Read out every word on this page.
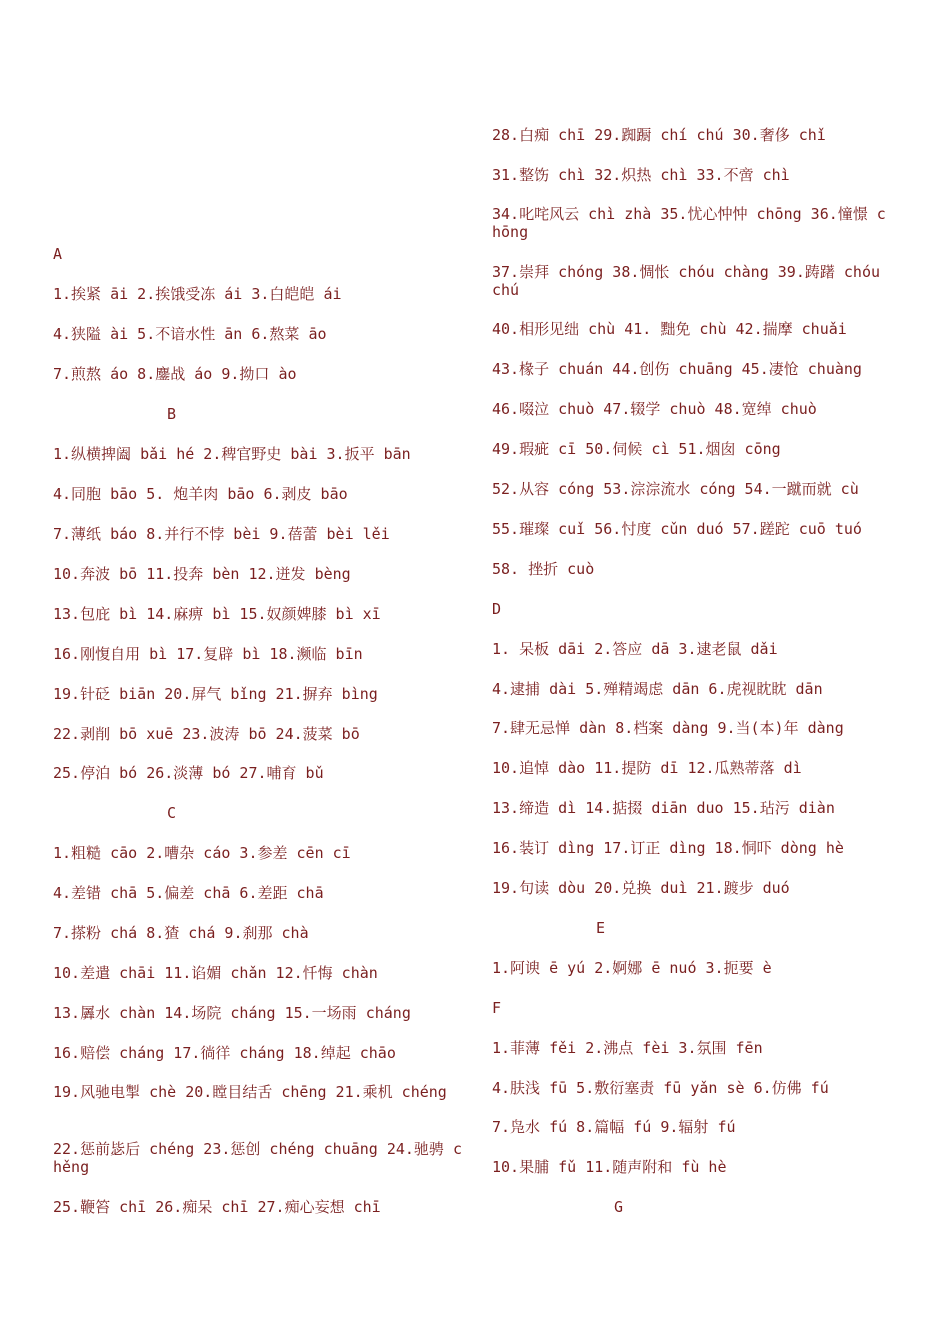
A
1.挨紧 āi 2.挨饿受冻 ái 3.白皑皑 ái
4.狭隘 ài 5.不谙水性 ān 6.熬菜 āo
7.煎熬 áo 8.鏖战 áo 9.拗口 ào
B
1.纵横捭阖 bǎi hé 2.稗官野史 bài 3.扳平 bān
4.同胞 bāo 5. 炮羊肉 bāo 6.剥皮 bāo
7.薄纸 báo 8.并行不悖 bèi 9.蓓蕾 bèi lěi
10.奔波 bō 11.投奔 bèn 12.迸发 bèng
13.包庇 bì 14.麻痹 bì 15.奴颜婢膝 bì xī
16.刚愎自用 bì 17.复辟 bì 18.濒临 bīn
19.针砭 biān 20.屏气 bǐng 21.摒弃 bìng
22.剥削 bō xuē 23.波涛 bō 24.菠菜 bō
25.停泊 bó 26.淡薄 bó 27.哺育 bǔ
C
1.粗糙 cāo 2.嘈杂 cáo 3.参差 cēn cī
4.差错 chā 5.偏差 chā 6.差距 chā
7.搽粉 chá 8.猹 chá 9.刹那 chà
10.差遣 chāi 11.谄媚 chǎn 12.忏悔 chàn
13.羼水 chàn 14.场院 cháng 15.一场雨 cháng
16.赔偿 cháng 17.徜徉 cháng 18.绰起 chāo
19.风驰电掣 chè 20.瞠目结舌 chēng 21.乘机 chéng
22.惩前毖后 chéng 23.惩创 chéng chuāng 24.驰骋 chěng
25.鞭笞 chī 26.痴呆 chī 27.痴心妄想 chī
28.白痴 chī 29.踟蹰 chí chú 30.奢侈 chǐ
31.整饬 chì 32.炽热 chì 33.不啻 chì
34.叱咤风云 chì zhà 35.忧心忡忡 chōng 36.憧憬 chōng
37.崇拜 chóng 38.惆怅 chóu chàng 39.踌躇 chóu chú
40.相形见绌 chù 41. 黜免 chù 42.揣摩 chuǎi
43.椽子 chuán 44.创伤 chuāng 45.凄怆 chuàng
46.啜泣 chuò 47.辍学 chuò 48.宽绰 chuò
49.瑕疵 cī 50.伺候 cì 51.烟囱 cōng
52.从容 cóng 53.淙淙流水 cóng 54.一蹴而就 cù
55.璀璨 cuǐ 56.忖度 cǔn duó 57.蹉跎 cuō tuó
58. 挫折 cuò
D
1. 呆板 dāi 2.答应 dā 3.逮老鼠 dǎi
4.逮捕 dài 5.殚精竭虑 dān 6.虎视眈眈 dān
7.肆无忌惮 dàn 8.档案 dàng 9.当(本)年 dàng
10.追悼 dào 11.提防 dī 12.瓜熟蒂落 dì
13.缔造 dì 14.掂掇 diān duo 15.玷污 diàn
16.装订 dìng 17.订正 dìng 18.恫吓 dòng hè
19.句读 dòu 20.兑换 duì 21.踱步 duó
E
1.阿谀 ē yú 2.婀娜 ē nuó 3.扼要 è
F
1.菲薄 fěi 2.沸点 fèi 3.氛围 fēn
4.肤浅 fū 5.敷衍塞责 fū yǎn sè 6.仿佛 fú
7.凫水 fú 8.篇幅 fú 9.辐射 fú
10.果脯 fǔ 11.随声附和 fù hè
G
